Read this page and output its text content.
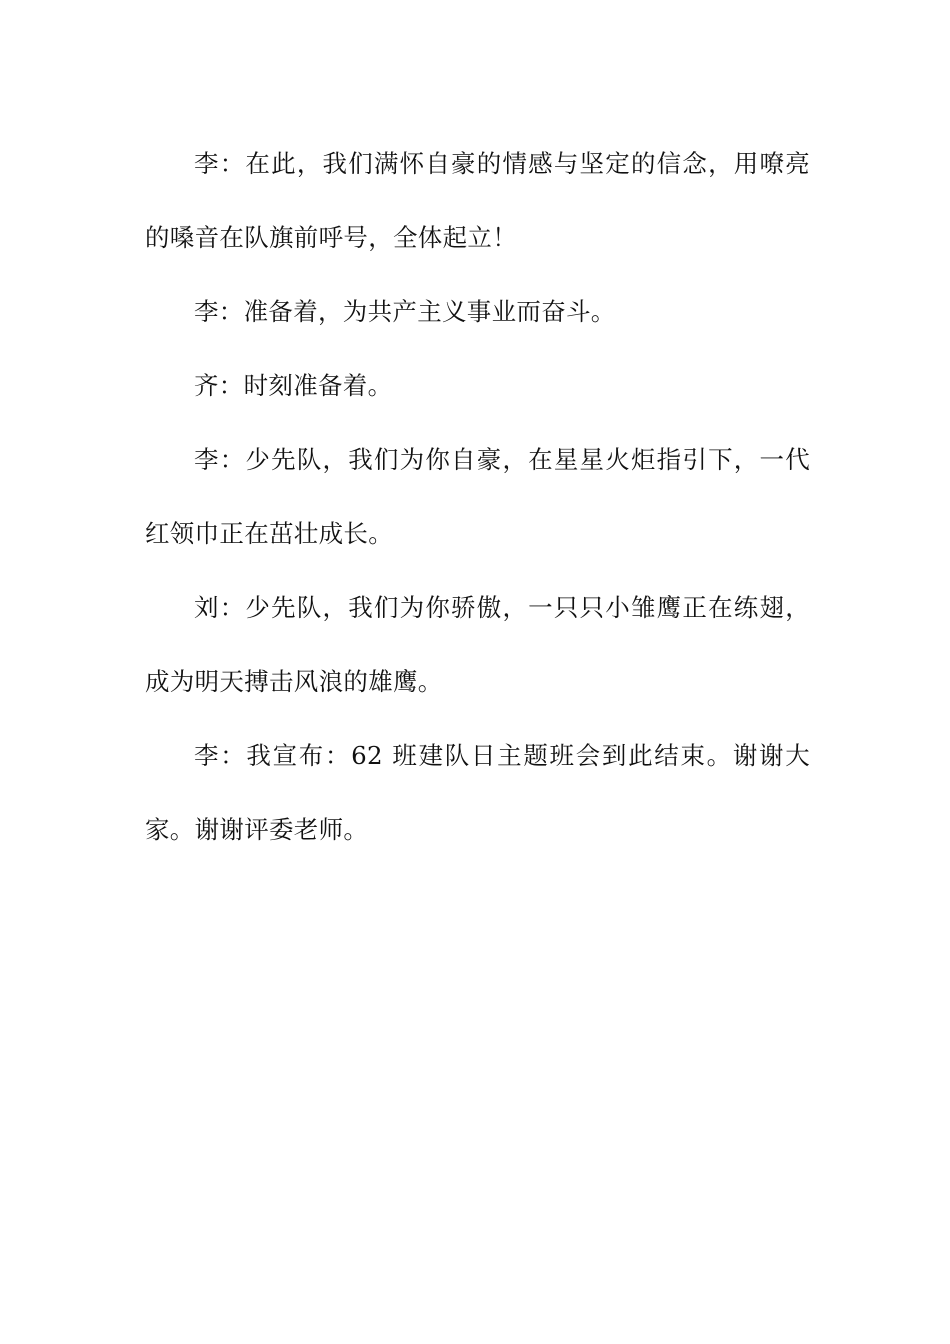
李：在此，我们满怀自豪的情感与坚定的信念，用嘹亮的嗓音在队旗前呼号，全体起立！

李：准备着，为共产主义事业而奋斗。

齐：时刻准备着。

李：少先队，我们为你自豪，在星星火炬指引下，一代红领巾正在茁壮成长。

刘：少先队，我们为你骄傲，一只只小雏鹰正在练翅，成为明天搏击风浪的雄鹰。

李：我宣布：62 班建队日主题班会到此结束。谢谢大家。谢谢评委老师。
